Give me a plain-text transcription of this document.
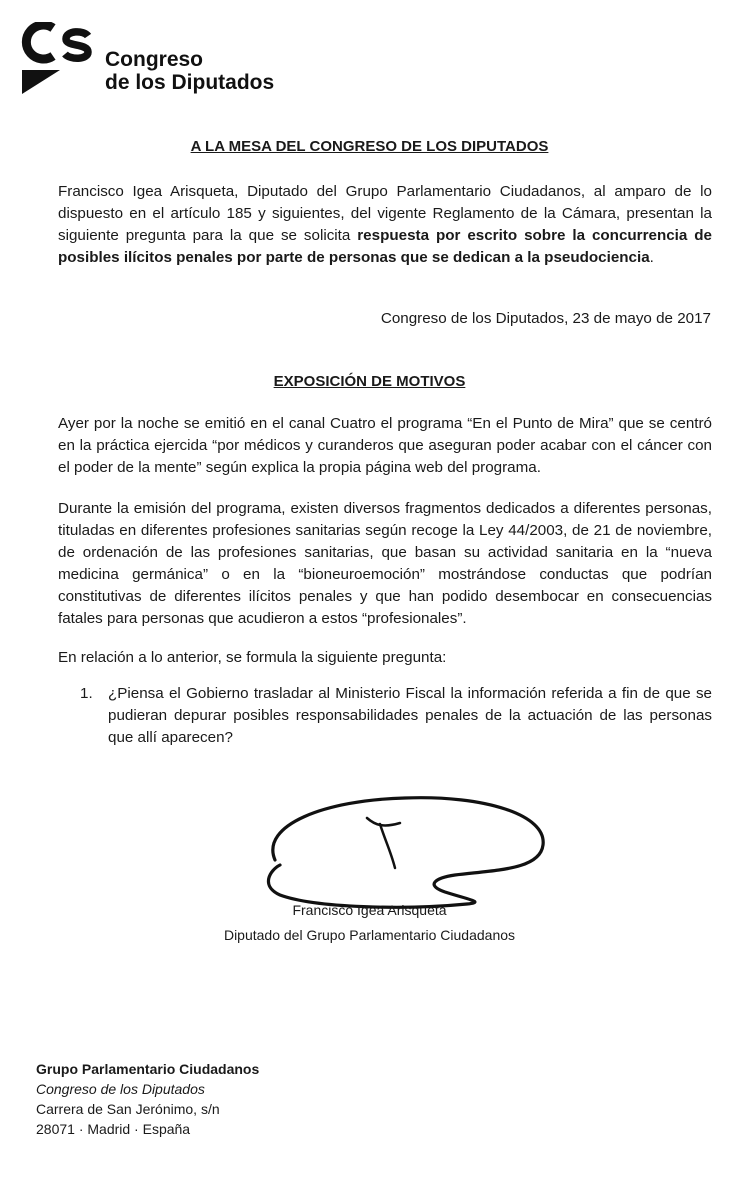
Congreso
de los Diputados
A LA MESA DEL CONGRESO DE LOS DIPUTADOS
Francisco Igea Arisqueta, Diputado del Grupo Parlamentario Ciudadanos, al amparo de lo dispuesto en el artículo 185 y siguientes, del vigente Reglamento de la Cámara, presentan la siguiente pregunta para la que se solicita respuesta por escrito sobre la concurrencia de posibles ilícitos penales por parte de personas que se dedican a la pseudociencia.
Congreso de los Diputados, 23 de mayo de 2017
EXPOSICIÓN DE MOTIVOS
Ayer por la noche se emitió en el canal Cuatro el programa “En el Punto de Mira” que se centró en la práctica ejercida “por médicos y curanderos que aseguran poder acabar con el cáncer con el poder de la mente” según explica la propia página web del programa.
Durante la emisión del programa, existen diversos fragmentos dedicados a diferentes personas, tituladas en diferentes profesiones sanitarias según recoge la Ley 44/2003, de 21 de noviembre, de ordenación de las profesiones sanitarias, que basan su actividad sanitaria en la “nueva medicina germánica” o en la “bioneuroemoción” mostrándose conductas que podrían constitutivas de diferentes ilícitos penales y que han podido desembocar en consecuencias fatales para personas que acudieron a estos “profesionales”.
En relación a lo anterior, se formula la siguiente pregunta:
1. ¿Piensa el Gobierno trasladar al Ministerio Fiscal la información referida a fin de que se pudieran depurar posibles responsabilidades penales de la actuación de las personas que allí aparecen?
Francisco Igea Arisqueta
Diputado del Grupo Parlamentario Ciudadanos
Grupo Parlamentario Ciudadanos
Congreso de los Diputados
Carrera de San Jerónimo, s/n
28071 · Madrid · España
